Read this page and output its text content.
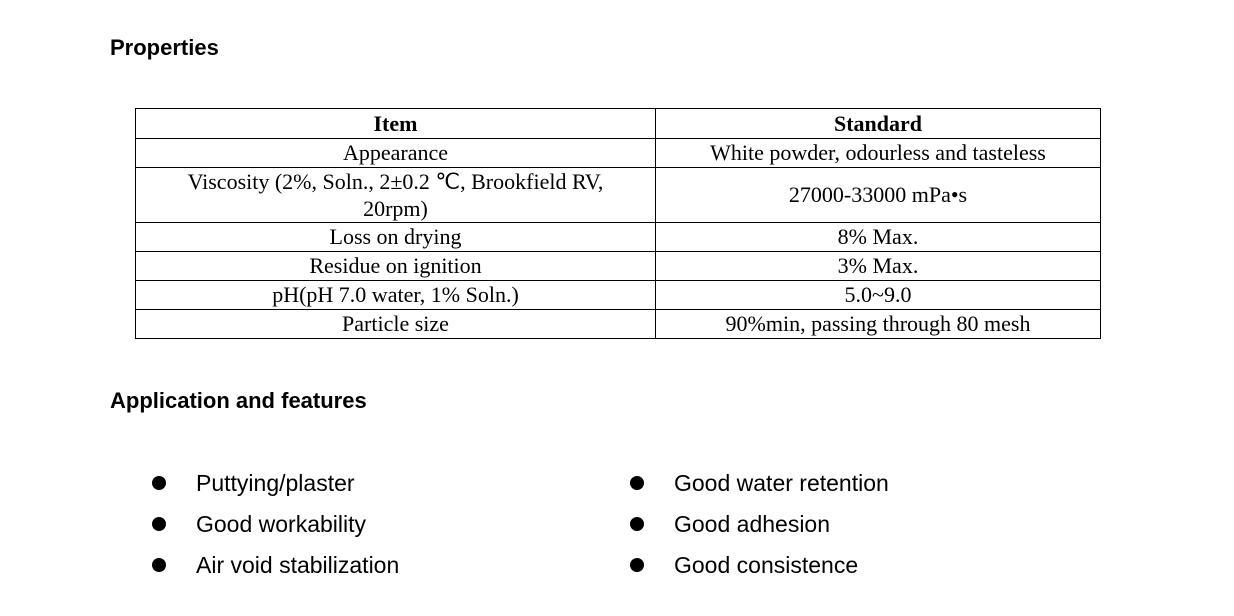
Properties
Item	Standard
Appearance	White powder, odourless and tasteless
Viscosity (2%, Soln., 2±0.2 ℃, Brookfield RV,
20rpm)	27000-33000 mPa•s
Loss on drying	8% Max.
Residue on ignition	3% Max.
pH(pH 7.0 water, 1% Soln.)	5.0~9.0
Particle size	90%min, passing through 80 mesh
Application and features
Puttying/plaster
Good workability
Air void stabilization
Good water retention
Good adhesion
Good consistence
